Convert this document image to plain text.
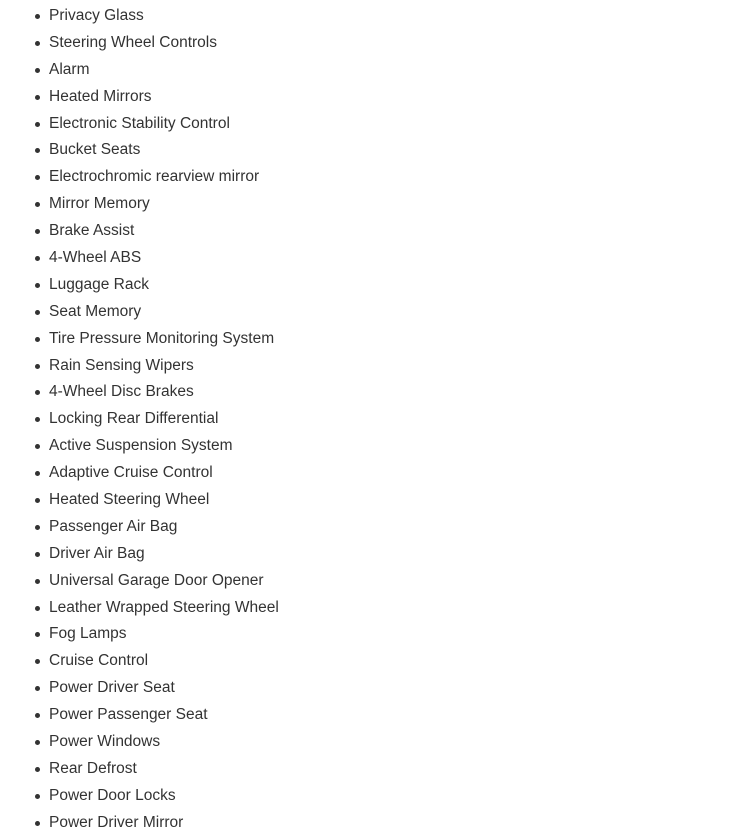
Privacy Glass
Steering Wheel Controls
Alarm
Heated Mirrors
Electronic Stability Control
Bucket Seats
Electrochromic rearview mirror
Mirror Memory
Brake Assist
4-Wheel ABS
Luggage Rack
Seat Memory
Tire Pressure Monitoring System
Rain Sensing Wipers
4-Wheel Disc Brakes
Locking Rear Differential
Active Suspension System
Adaptive Cruise Control
Heated Steering Wheel
Passenger Air Bag
Driver Air Bag
Universal Garage Door Opener
Leather Wrapped Steering Wheel
Fog Lamps
Cruise Control
Power Driver Seat
Power Passenger Seat
Power Windows
Rear Defrost
Power Door Locks
Power Driver Mirror
